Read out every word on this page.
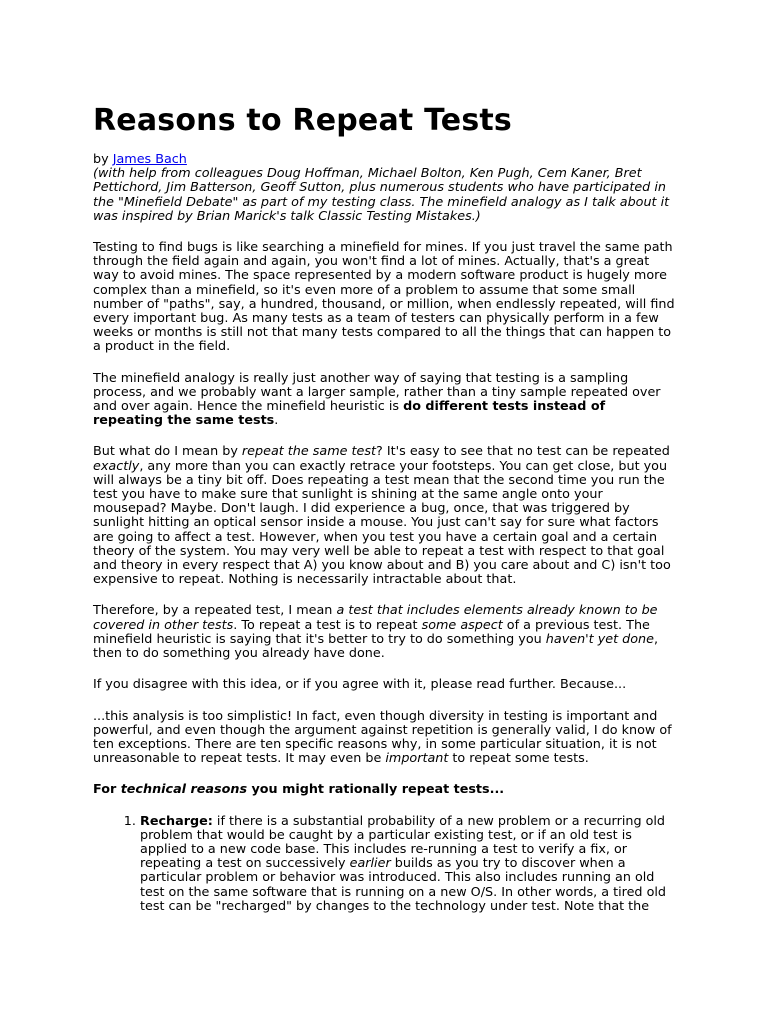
Reasons to Repeat Tests

by James Bach
(with help from colleagues Doug Hoffman, Michael Bolton, Ken Pugh, Cem Kaner, Bret Pettichord, Jim Batterson, Geoff Sutton, plus numerous students who have participated in the "Minefield Debate" as part of my testing class. The minefield analogy as I talk about it was inspired by Brian Marick's talk Classic Testing Mistakes.)

Testing to find bugs is like searching a minefield for mines. If you just travel the same path through the field again and again, you won't find a lot of mines. Actually, that's a great way to avoid mines. The space represented by a modern software product is hugely more complex than a minefield, so it's even more of a problem to assume that some small number of "paths", say, a hundred, thousand, or million, when endlessly repeated, will find every important bug. As many tests as a team of testers can physically perform in a few weeks or months is still not that many tests compared to all the things that can happen to a product in the field.

The minefield analogy is really just another way of saying that testing is a sampling process, and we probably want a larger sample, rather than a tiny sample repeated over and over again. Hence the minefield heuristic is do different tests instead of repeating the same tests.

But what do I mean by repeat the same test? It's easy to see that no test can be repeated exactly, any more than you can exactly retrace your footsteps. You can get close, but you will always be a tiny bit off. Does repeating a test mean that the second time you run the test you have to make sure that sunlight is shining at the same angle onto your mousepad? Maybe. Don't laugh. I did experience a bug, once, that was triggered by sunlight hitting an optical sensor inside a mouse. You just can't say for sure what factors are going to affect a test. However, when you test you have a certain goal and a certain theory of the system. You may very well be able to repeat a test with respect to that goal and theory in every respect that A) you know about and B) you care about and C) isn't too expensive to repeat. Nothing is necessarily intractable about that.

Therefore, by a repeated test, I mean a test that includes elements already known to be covered in other tests. To repeat a test is to repeat some aspect of a previous test. The minefield heuristic is saying that it's better to try to do something you haven't yet done, then to do something you already have done.

If you disagree with this idea, or if you agree with it, please read further. Because...

...this analysis is too simplistic! In fact, even though diversity in testing is important and powerful, and even though the argument against repetition is generally valid, I do know of ten exceptions. There are ten specific reasons why, in some particular situation, it is not unreasonable to repeat tests. It may even be important to repeat some tests.

For technical reasons you might rationally repeat tests...

1. Recharge: if there is a substantial probability of a new problem or a recurring old problem that would be caught by a particular existing test, or if an old test is applied to a new code base. This includes re-running a test to verify a fix, or repeating a test on successively earlier builds as you try to discover when a particular problem or behavior was introduced. This also includes running an old test on the same software that is running on a new O/S. In other words, a tired old test can be "recharged" by changes to the technology under test. Note that the
